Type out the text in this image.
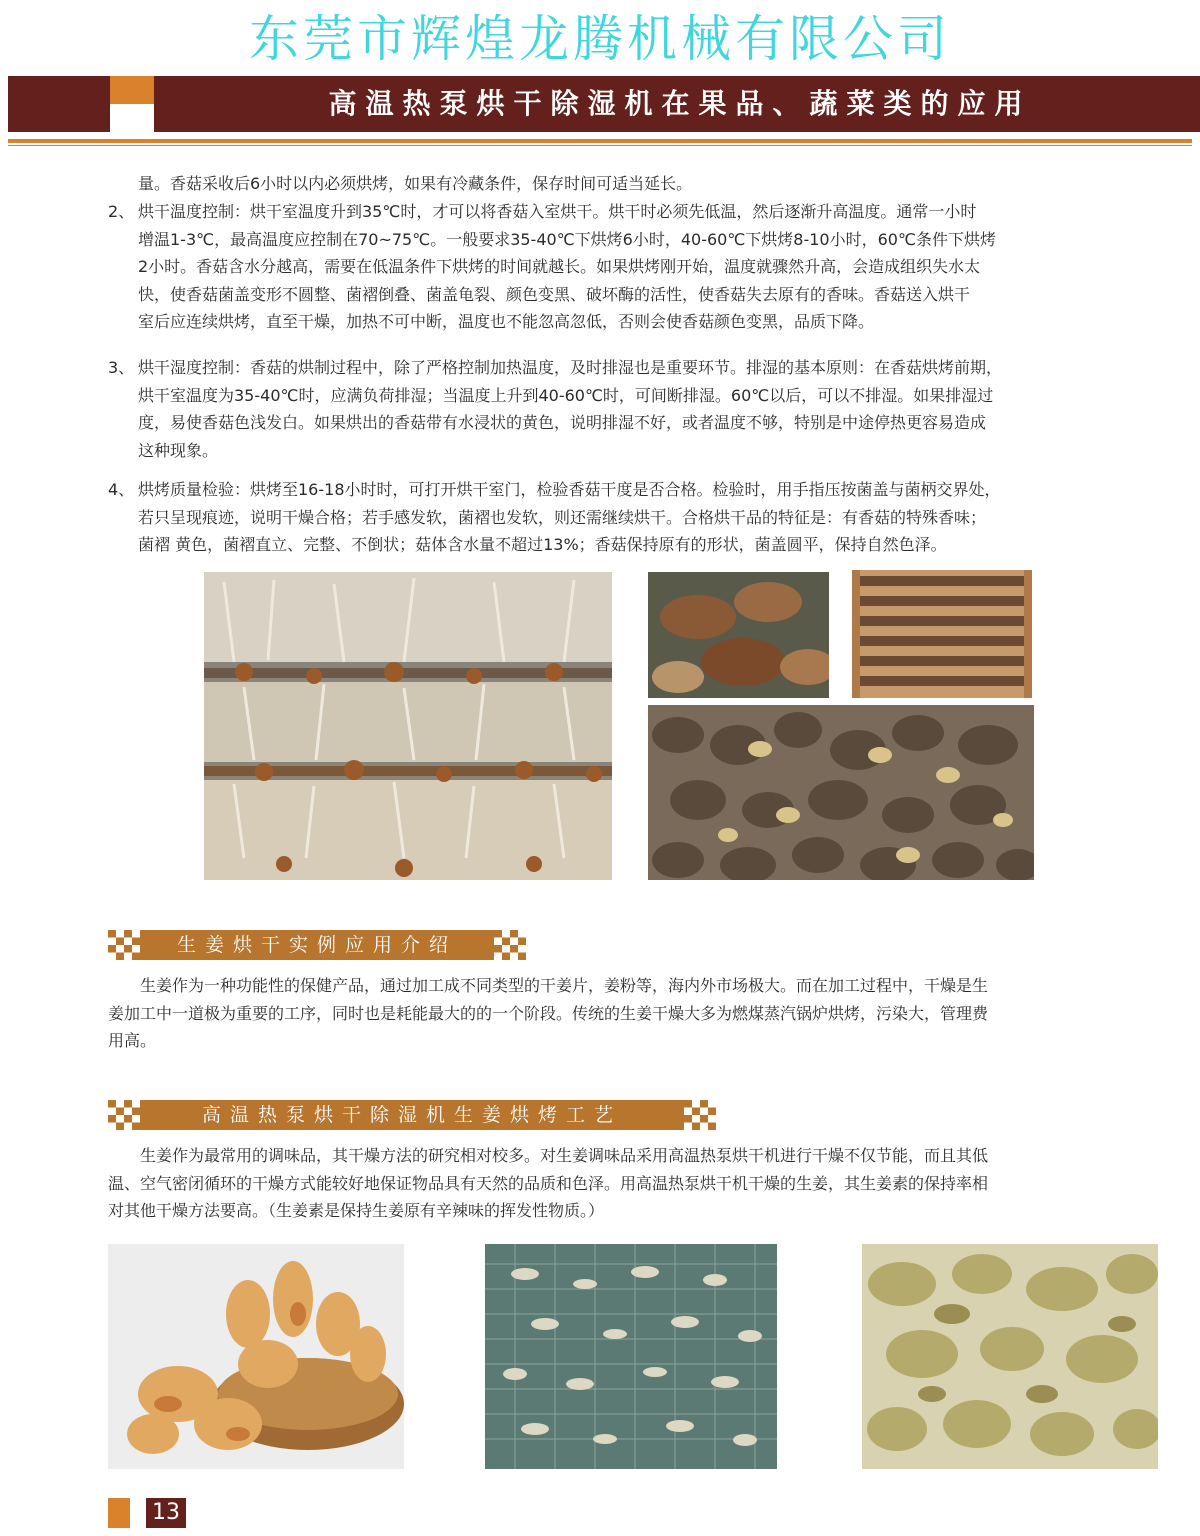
东莞市辉煌龙腾机械有限公司
高温热泵烘干除湿机在果品、蔬菜类的应用
量。香菇采收后6小时以内必须烘烤，如果有冷藏条件，保存时间可适当延长。
2、 烘干温度控制：烘干室温度升到35℃时，才可以将香菇入室烘干。烘干时必须先低温，然后逐渐升高温度。通常一小时
增温1-3℃，最高温度应控制在70~75℃。一般要求35-40℃下烘烤6小时，40-60℃下烘烤8-10小时，60℃条件下烘烤
2小时。香菇含水分越高，需要在低温条件下烘烤的时间就越长。如果烘烤刚开始，温度就骤然升高，会造成组织失水太
快，使香菇菌盖变形不圆整、菌褶倒叠、菌盖龟裂、颜色变黑、破坏酶的活性，使香菇失去原有的香味。香菇送入烘干
室后应连续烘烤，直至干燥，加热不可中断，温度也不能忽高忽低，否则会使香菇颜色变黑，品质下降。
3、 烘干湿度控制：香菇的烘制过程中，除了严格控制加热温度，及时排湿也是重要环节。排湿的基本原则：在香菇烘烤前期，
烘干室温度为35-40℃时，应满负荷排湿；当温度上升到40-60℃时，可间断排湿。60℃以后，可以不排湿。如果排湿过
度，易使香菇色浅发白。如果烘出的香菇带有水浸状的黄色，说明排湿不好，或者温度不够，特别是中途停热更容易造成
这种现象。
4、 烘烤质量检验：烘烤至16-18小时时，可打开烘干室门，检验香菇干度是否合格。检验时，用手指压按菌盖与菌柄交界处，
若只呈现痕迹，说明干燥合格；若手感发软，菌褶也发软，则还需继续烘干。合格烘干品的特征是：有香菇的特殊香味；
菌褶 黄色，菌褶直立、完整、不倒状；菇体含水量不超过13%；香菇保持原有的形状，菌盖圆平，保持自然色泽。
生姜烘干实例应用介绍
　　生姜作为一种功能性的保健产品，通过加工成不同类型的干姜片，姜粉等，海内外市场极大。而在加工过程中，干燥是生
姜加工中一道极为重要的工序，同时也是耗能最大的的一个阶段。传统的生姜干燥大多为燃煤蒸汽锅炉烘烤，污染大，管理费
用高。
高温热泵烘干除湿机生姜烘烤工艺
　　生姜作为最常用的调味品，其干燥方法的研究相对校多。对生姜调味品采用高温热泵烘干机进行干燥不仅节能，而且其低
温、空气密闭循环的干燥方式能较好地保证物品具有天然的品质和色泽。用高温热泵烘干机干燥的生姜，其生姜素的保持率相
对其他干燥方法要高。（生姜素是保持生姜原有辛辣味的挥发性物质。）
13
